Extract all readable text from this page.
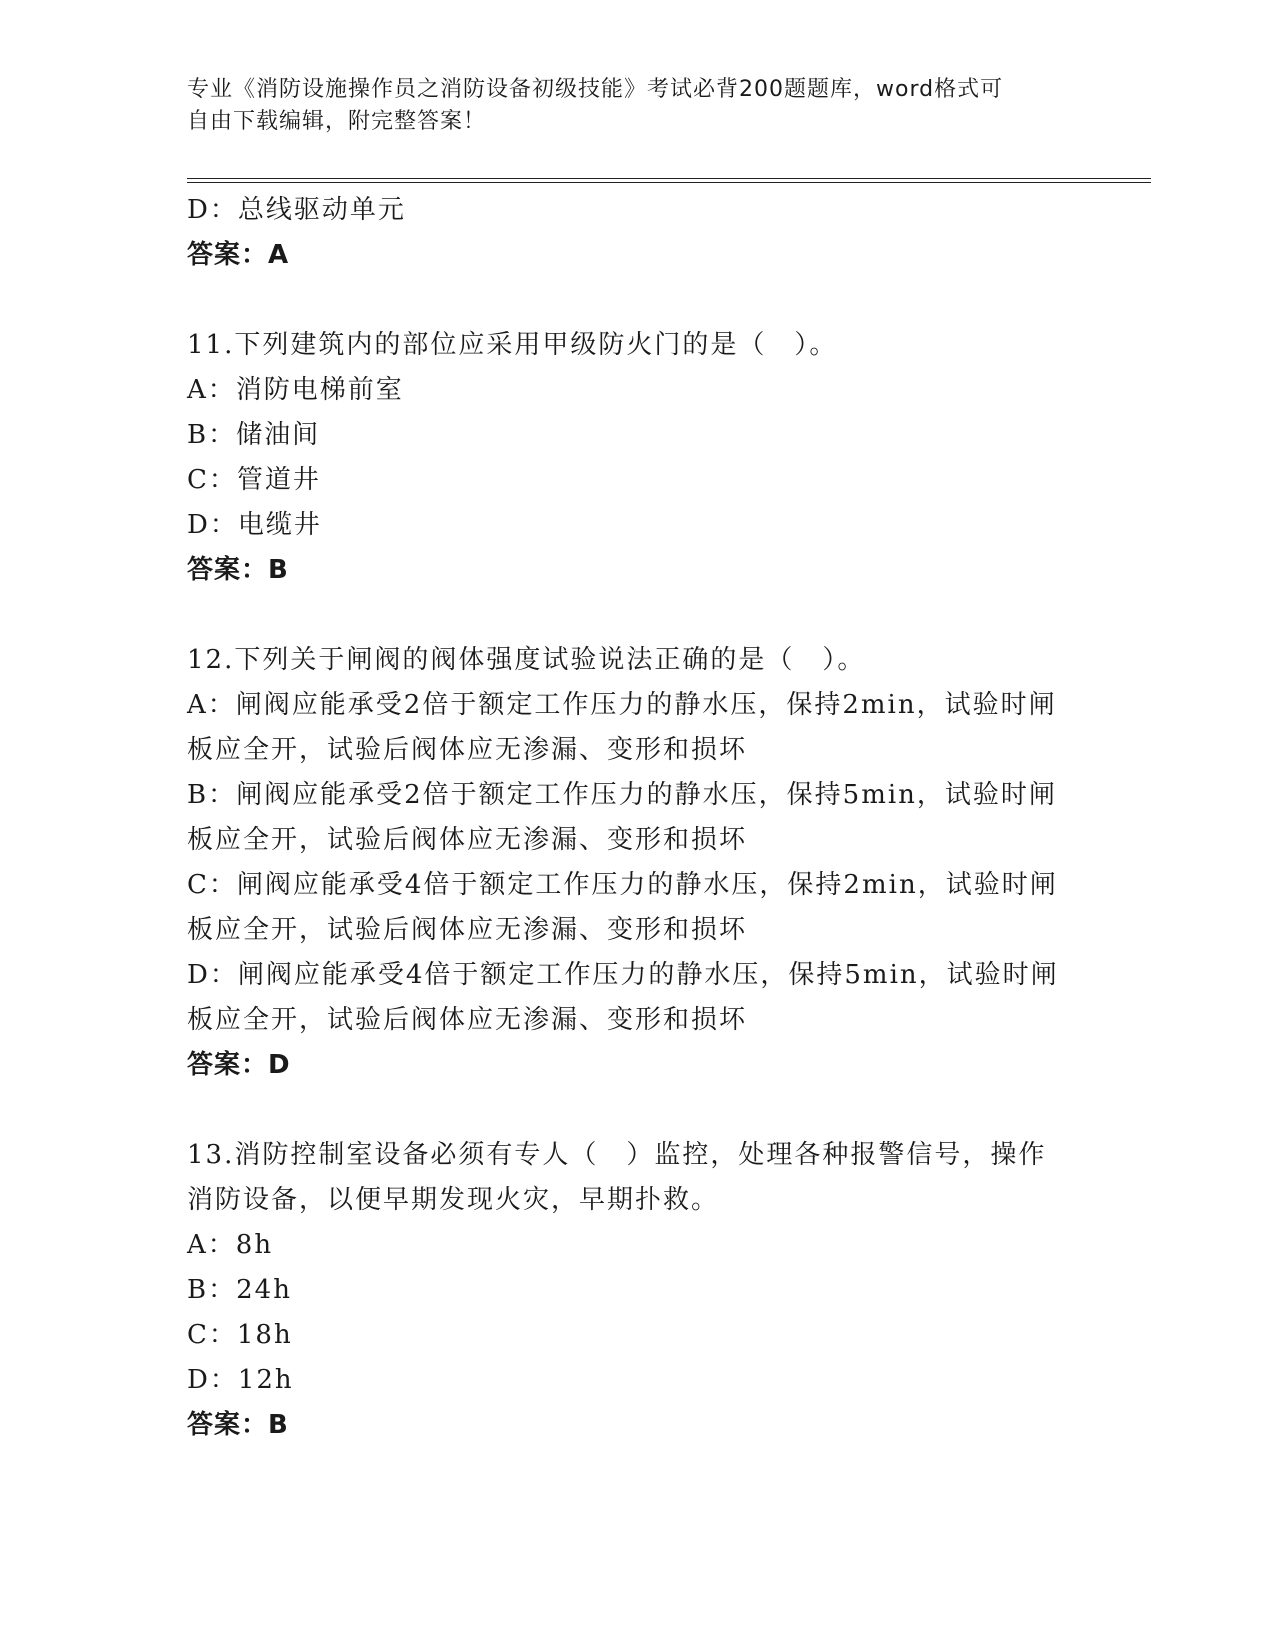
专业《消防设施操作员之消防设备初级技能》考试必背200题题库，word格式可
自由下载编辑，附完整答案！
D：总线驱动单元
答案：A
11.下列建筑内的部位应采用甲级防火门的是（　）。
A：消防电梯前室
B：储油间
C：管道井
D：电缆井
答案：B
12.下列关于闸阀的阀体强度试验说法正确的是（　）。
A：闸阀应能承受2倍于额定工作压力的静水压，保持2min，试验时闸
板应全开，试验后阀体应无渗漏、变形和损坏
B：闸阀应能承受2倍于额定工作压力的静水压，保持5min，试验时闸
板应全开，试验后阀体应无渗漏、变形和损坏
C：闸阀应能承受4倍于额定工作压力的静水压，保持2min，试验时闸
板应全开，试验后阀体应无渗漏、变形和损坏
D：闸阀应能承受4倍于额定工作压力的静水压，保持5min，试验时闸
板应全开，试验后阀体应无渗漏、变形和损坏
答案：D
13.消防控制室设备必须有专人（　）监控，处理各种报警信号，操作
消防设备，以便早期发现火灾，早期扑救。
A：8h
B：24h
C：18h
D：12h
答案：B
